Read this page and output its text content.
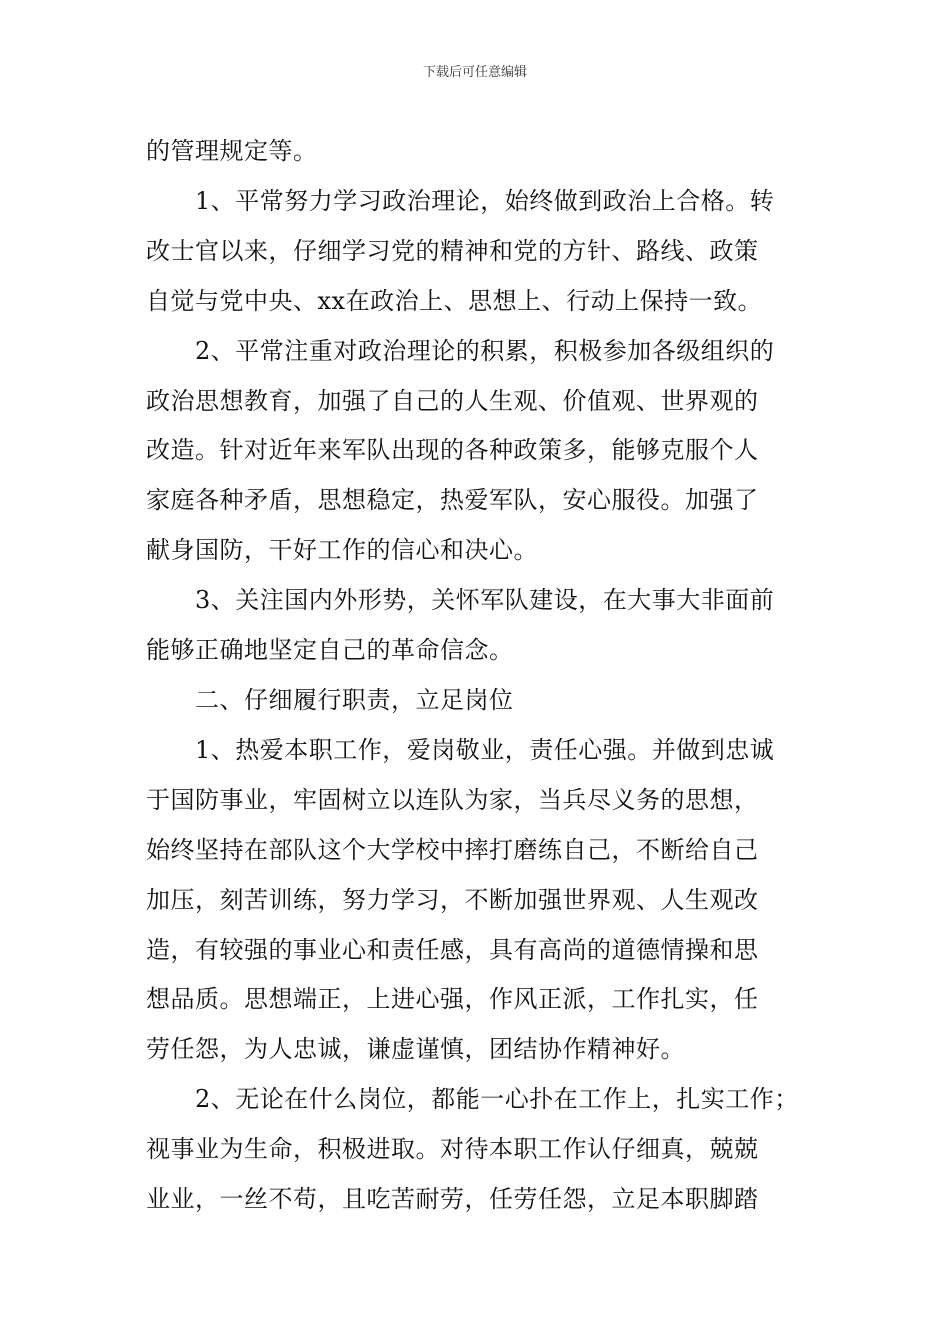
下载后可任意编辑
的管理规定等。
1、平常努力学习政治理论，始终做到政治上合格。转
改士官以来，仔细学习党的精神和党的方针、路线、政策
自觉与党中央、xx在政治上、思想上、行动上保持一致。
2、平常注重对政治理论的积累，积极参加各级组织的
政治思想教育，加强了自己的人生观、价值观、世界观的
改造。针对近年来军队出现的各种政策多，能够克服个人
家庭各种矛盾，思想稳定，热爱军队，安心服役。加强了
献身国防，干好工作的信心和决心。
3、关注国内外形势，关怀军队建设，在大事大非面前
能够正确地坚定自己的革命信念。
二、仔细履行职责，立足岗位
1、热爱本职工作，爱岗敬业，责任心强。并做到忠诚
于国防事业，牢固树立以连队为家，当兵尽义务的思想，
始终坚持在部队这个大学校中摔打磨练自己，不断给自己
加压，刻苦训练，努力学习，不断加强世界观、人生观改
造，有较强的事业心和责任感，具有高尚的道德情操和思
想品质。思想端正，上进心强，作风正派，工作扎实，任
劳任怨，为人忠诚，谦虚谨慎，团结协作精神好。
2、无论在什么岗位，都能一心扑在工作上，扎实工作；
视事业为生命，积极进取。对待本职工作认仔细真，兢兢
业业，一丝不苟，且吃苦耐劳，任劳任怨，立足本职脚踏
